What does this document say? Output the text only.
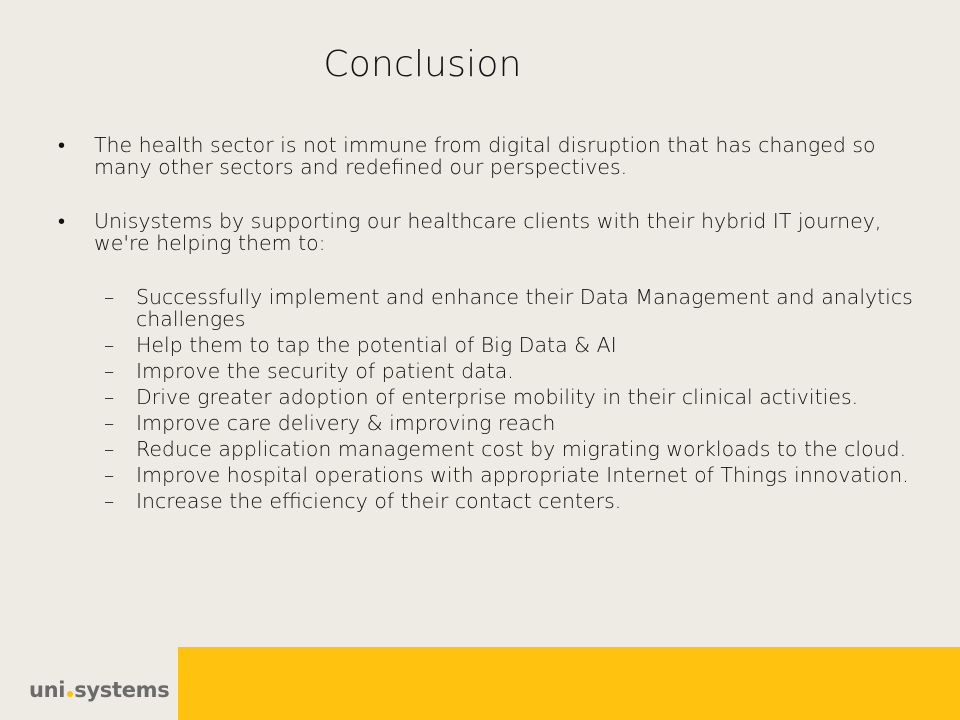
Conclusion
• The health sector is not immune from digital disruption that has changed so many other sectors and redefined our perspectives.
• Unisystems by supporting our healthcare clients with their hybrid IT journey, we're helping them to:
– Successfully implement and enhance their Data Management and analytics challenges
– Help them to tap the potential of Big Data & AI
– Improve the security of patient data.
– Drive greater adoption of enterprise mobility in their clinical activities.
– Improve care delivery & improving reach
– Reduce application management cost by migrating workloads to the cloud.
– Improve hospital operations with appropriate Internet of Things innovation.
– Increase the efficiency of their contact centers.
uni systems
